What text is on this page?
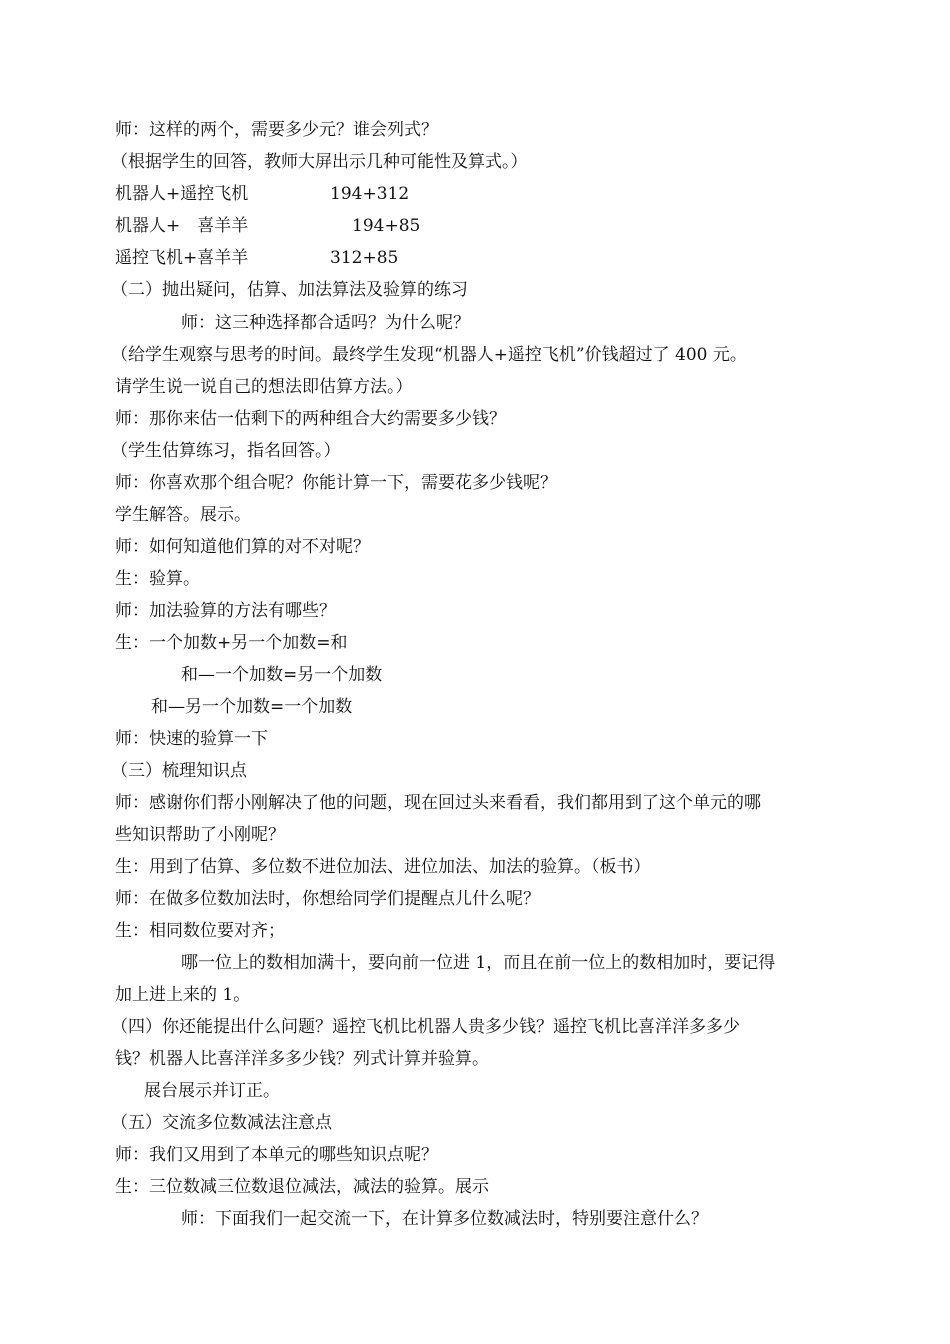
师：这样的两个，需要多少元？谁会列式？
（根据学生的回答，教师大屏出示几种可能性及算式。）
机器人+遥控飞机	194+312
机器人+　喜羊羊	194+85
遥控飞机+喜羊羊	312+85
（二）抛出疑问，估算、加法算法及验算的练习
师：这三种选择都合适吗？为什么呢？
（给学生观察与思考的时间。最终学生发现“机器人+遥控飞机”价钱超过了 400 元。
请学生说一说自己的想法即估算方法。）
师：那你来估一估剩下的两种组合大约需要多少钱？
（学生估算练习，指名回答。）
师：你喜欢那个组合呢？你能计算一下，需要花多少钱呢？
学生解答。展示。
师：如何知道他们算的对不对呢？
生：验算。
师：加法验算的方法有哪些？
生：一个加数+另一个加数=和
和—一个加数=另一个加数
和—另一个加数=一个加数
师：快速的验算一下
（三）梳理知识点
师：感谢你们帮小刚解决了他的问题，现在回过头来看看，我们都用到了这个单元的哪
些知识帮助了小刚呢？
生：用到了估算、多位数不进位加法、进位加法、加法的验算。（板书）
师：在做多位数加法时，你想给同学们提醒点儿什么呢？
生：相同数位要对齐；
哪一位上的数相加满十，要向前一位进 1，而且在前一位上的数相加时，要记得
加上进上来的 1。
（四）你还能提出什么问题？遥控飞机比机器人贵多少钱？遥控飞机比喜洋洋多多少
钱？机器人比喜洋洋多多少钱？列式计算并验算。
展台展示并订正。
（五）交流多位数减法注意点
师：我们又用到了本单元的哪些知识点呢？
生：三位数减三位数退位减法，减法的验算。展示
师：下面我们一起交流一下，在计算多位数减法时，特别要注意什么？
